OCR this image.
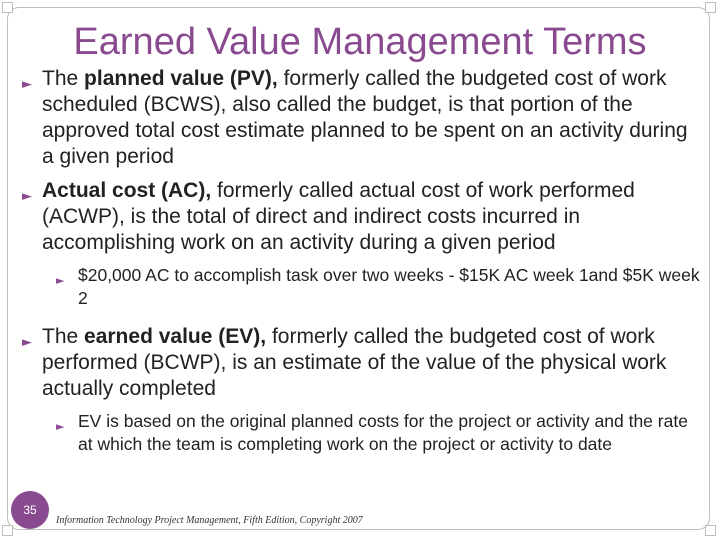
Earned Value Management Terms
► The planned value (PV), formerly called the budgeted cost of work scheduled (BCWS), also called the budget, is that portion of the approved total cost estimate planned to be spent on an activity during a given period
► Actual cost (AC), formerly called actual cost of work performed (ACWP), is the total of direct and indirect costs incurred in accomplishing work on an activity during a given period
► $20,000 AC to accomplish task over two weeks - $15K AC week 1and $5K week 2
► The earned value (EV), formerly called the budgeted cost of work performed (BCWP), is an estimate of the value of the physical work actually completed
► EV is based on the original planned costs for the project or activity and the rate at which the team is completing work on the project or activity to date
35
Information Technology Project Management, Fifth Edition, Copyright 2007
